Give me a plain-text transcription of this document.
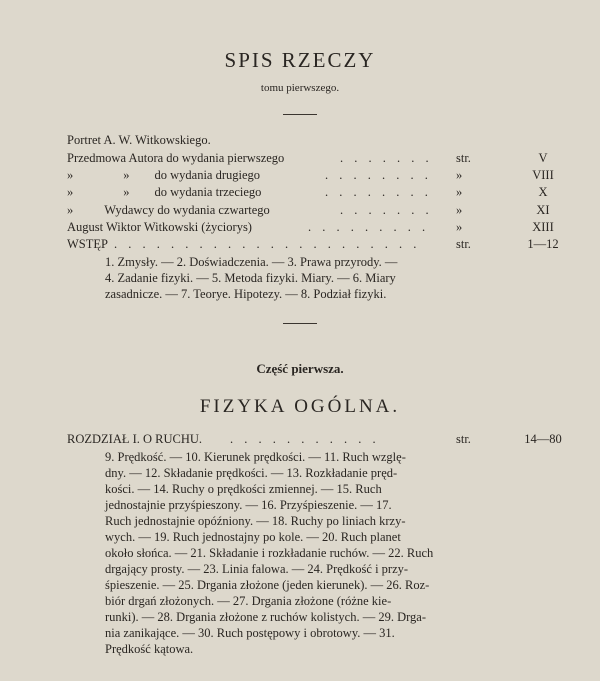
SPIS RZECZY
tomu pierwszego.
Portret A. W. Witkowskiego.
Przedmowa Autora do wydania pierwszego	. . . . . . . str.	V
»                »        do wydania drugiego	. . . . . . . . »	VIII
»                »        do wydania trzeciego	. . . . . . . . »	X
»          Wydawcy do wydania czwartego	. . . . . . . »	XI
August Wiktor Witkowski (życiorys)	. . . . . . . . . »	XIII
WSTĘP . . . . . . . . . . . . . . . . . . . . . .	str.	1—12
1. Zmysły. — 2. Doświadczenia. — 3. Prawa przyrody. —
4. Zadanie fizyki. — 5. Metoda fizyki. Miary. — 6. Miary
zasadnicze. — 7. Teorye. Hipotezy. — 8. Podział fizyki.
Część pierwsza.
FIZYKA OGÓLNA.
ROZDZIAŁ I. O RUCHU. . . . . . . . . . . .	str.	14—80
9. Prędkość. — 10. Kierunek prędkości. — 11. Ruch wzglę-
dny. — 12. Składanie prędkości. — 13. Rozkładanie pręd-
kości. — 14. Ruchy o prędkości zmiennej. — 15. Ruch
jednostajnie przyśpieszony. — 16. Przyśpieszenie. — 17.
Ruch jednostajnie opóźniony. — 18. Ruchy po liniach krzy-
wych. — 19. Ruch jednostajny po kole. — 20. Ruch planet
około słońca. — 21. Składanie i rozkładanie ruchów. — 22. Ruch
drgający prosty. — 23. Linia falowa. — 24. Prędkość i przy-
śpieszenie. — 25. Drgania złożone (jeden kierunek). — 26. Roz-
biór drgań złożonych. — 27. Drgania złożone (różne kie-
runki). — 28. Drgania złożone z ruchów kolistych. — 29. Drga-
nia zanikające. — 30. Ruch postępowy i obrotowy. — 31.
Prędkość kątowa.
